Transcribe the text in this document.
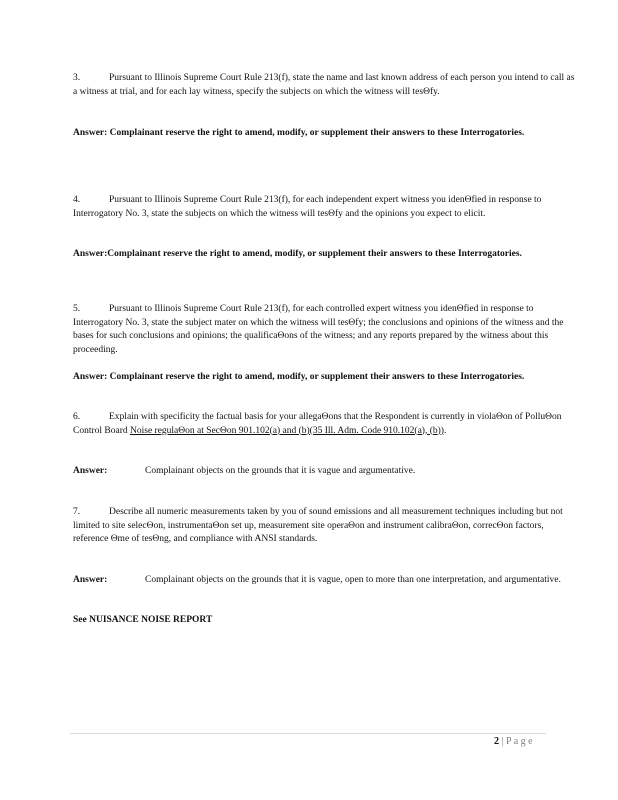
3.	Pursuant to Illinois Supreme Court Rule 213(f), state the name and last known address of each person you intend to call as a witness at trial, and for each lay witness, specify the subjects on which the witness will tesΘfy.

Answer: Complainant reserve the right to amend, modify, or supplement their answers to these Interrogatories.

4.	Pursuant to Illinois Supreme Court Rule 213(f), for each independent expert witness you idenΘfied in response to Interrogatory No. 3, state the subjects on which the witness will tesΘfy and the opinions you expect to elicit.

Answer:Complainant reserve the right to amend, modify, or supplement their answers to these Interrogatories.

5.	Pursuant to Illinois Supreme Court Rule 213(f), for each controlled expert witness you idenΘfied in response to Interrogatory No. 3, state the subject mater on which the witness will tesΘfy; the conclusions and opinions of the witness and the bases for such conclusions and opinions; the qualificaΘons of the witness; and any reports prepared by the witness about this proceeding.

Answer: Complainant reserve the right to amend, modify, or supplement their answers to these Interrogatories.

6.	Explain with specificity the factual basis for your allegaΘons that the Respondent is currently in violaΘon of PolluΘon Control Board Noise regulaΘon at SecΘon 901.102(a) and (b)(35 Ill. Adm. Code 910.102(a), (b)).

Answer:	Complainant objects on the grounds that it is vague and argumentative.

7.	Describe all numeric measurements taken by you of sound emissions and all measurement techniques including but not limited to site selecΘon, instrumentaΘon set up, measurement site operaΘon and instrument calibraΘon, correcΘon factors, reference Θme of tesΘng, and compliance with ANSI standards.

Answer:	Complainant objects on the grounds that it is vague, open to more than one interpretation, and argumentative.

See NUISANCE NOISE REPORT

2 | P a g e
